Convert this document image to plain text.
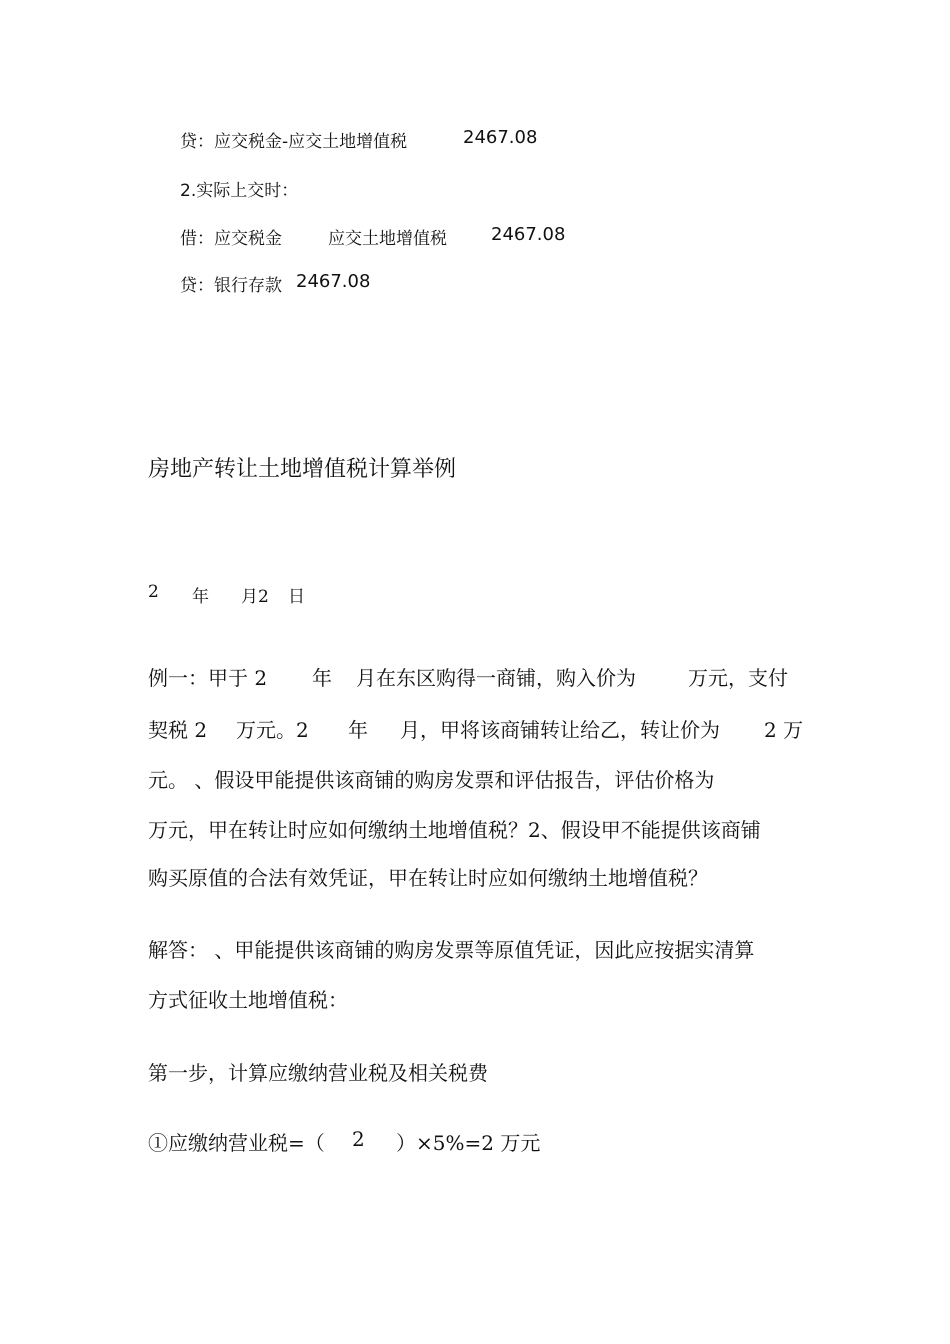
贷：应交税金-应交土地增值税	2467.08
2.实际上交时：
借：应交税金	应交土地增值税 2467.08
贷：银行存款 2467.08
房地产转让土地增值税计算举例
2 年 月2 日
例一：甲于 2 年 月在东区购得一商铺，购入价为	万元，支付
契税 2 万元。2 年 月，甲将该商铺转让给乙，转让价为 2 万
元。 、假设甲能提供该商铺的购房发票和评估报告，评估价格为
万元，甲在转让时应如何缴纳土地增值税？2、假设甲不能提供该商铺
购买原值的合法有效凭证，甲在转让时应如何缴纳土地增值税？
解答： 、甲能提供该商铺的购房发票等原值凭证，因此应按据实清算
方式征收土地增值税：
第一步，计算应缴纳营业税及相关税费
①应缴纳营业税=（ 2 ）×5%=2 万元
